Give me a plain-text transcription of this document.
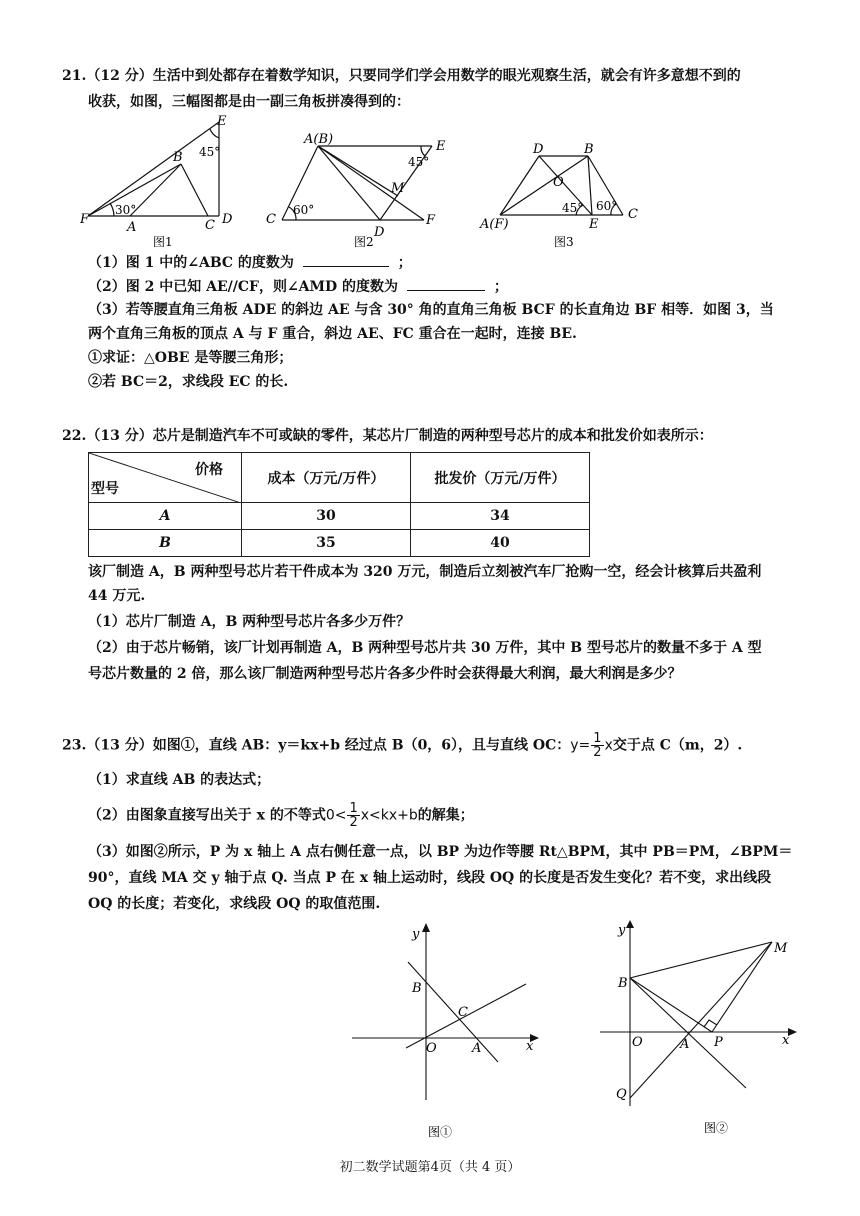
21.（12 分）生活中到处都存在着数学知识，只要同学们学会用数学的眼光观察生活，就会有许多意想不到的
收获，如图，三幅图都是由一副三角板拼凑得到的：
E
B
F
A	C D
45°
30°
图1
A(B)	E
C
D
F
M
45°
60°
图2
D	B
O
A(F)	E
C
45° 60°
图3
（1）图 1 中的∠ABC 的度数为	；
（2）图 2 中已知 AE//CF，则∠AMD 的度数为	；
（3）若等腰直角三角板 ADE 的斜边 AE 与含 30° 角的直角三角板 BCF 的长直角边 BF 相等．如图 3，当
两个直角三角板的顶点 A 与 F 重合，斜边 AE、FC 重合在一起时，连接 BE.
①求证：△OBE 是等腰三角形；
②若 BC＝2，求线段 EC 的长.
22.（13 分）芯片是制造汽车不可或缺的零件，某芯片厂制造的两种型号芯片的成本和批发价如表所示：
价格
型号	成本（万元/万件）	批发价（万元/万件）
A	30	34
B	35	40
该厂制造 A，B 两种型号芯片若干件成本为 320 万元，制造后立刻被汽车厂抢购一空，经会计核算后共盈利
44 万元.
（1）芯片厂制造 A，B 两种型号芯片各多少万件？
（2）由于芯片畅销，该厂计划再制造 A，B 两种型号芯片共 30 万件，其中 B 型号芯片的数量不多于 A 型
号芯片数量的 2 倍，那么该厂制造两种型号芯片各多少件时会获得最大利润，最大利润是多少？
23.（13 分）如图①，直线 AB：y＝kx+b 经过点 B（0，6），且与直线 OC：$y= \frac{1}{2}$ x交于点 C（m，2）.
（1）求直线 AB 的表达式；
（2）由图象直接写出关于 x 的不等式$0< \frac{1}{2} x<kx+b$的解集；
（3）如图②所示，P 为 x 轴上 A 点右侧任意一点，以 BP 为边作等腰 Rt△BPM，其中 PB＝PM，∠BPM＝
90°，直线 MA 交 y 轴于点 Q. 当点 P 在 x 轴上运动时，线段 OQ 的长度是否发生变化？若不变，求出线段
OQ 的长度；若变化，求线段 OQ 的取值范围.
y
x
B
C
O	A
图①
y
x
B
M
O	A P
Q
图②
初二数学试题第4页（共 4 页）
